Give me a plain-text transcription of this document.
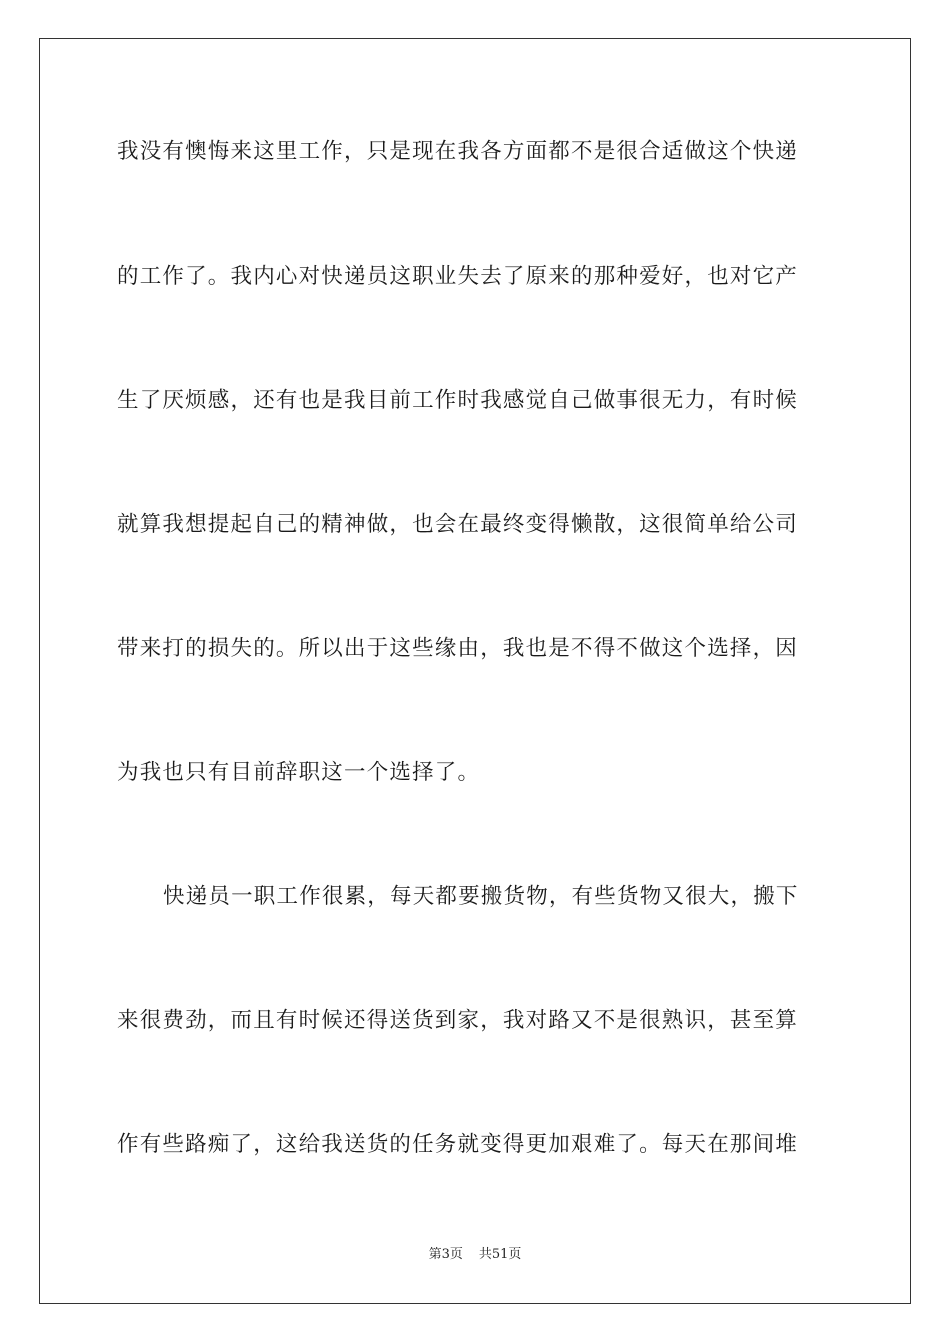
我没有懊悔来这里工作，只是现在我各方面都不是很合适做这个快递
的工作了。我内心对快递员这职业失去了原来的那种爱好，也对它产
生了厌烦感，还有也是我目前工作时我感觉自己做事很无力，有时候
就算我想提起自己的精神做，也会在最终变得懒散，这很简单给公司
带来打的损失的。所以出于这些缘由，我也是不得不做这个选择，因
为我也只有目前辞职这一个选择了。
快递员一职工作很累，每天都要搬货物，有些货物又很大，搬下
来很费劲，而且有时候还得送货到家，我对路又不是很熟识，甚至算
作有些路痴了，这给我送货的任务就变得更加艰难了。每天在那间堆
第3页 共51页
